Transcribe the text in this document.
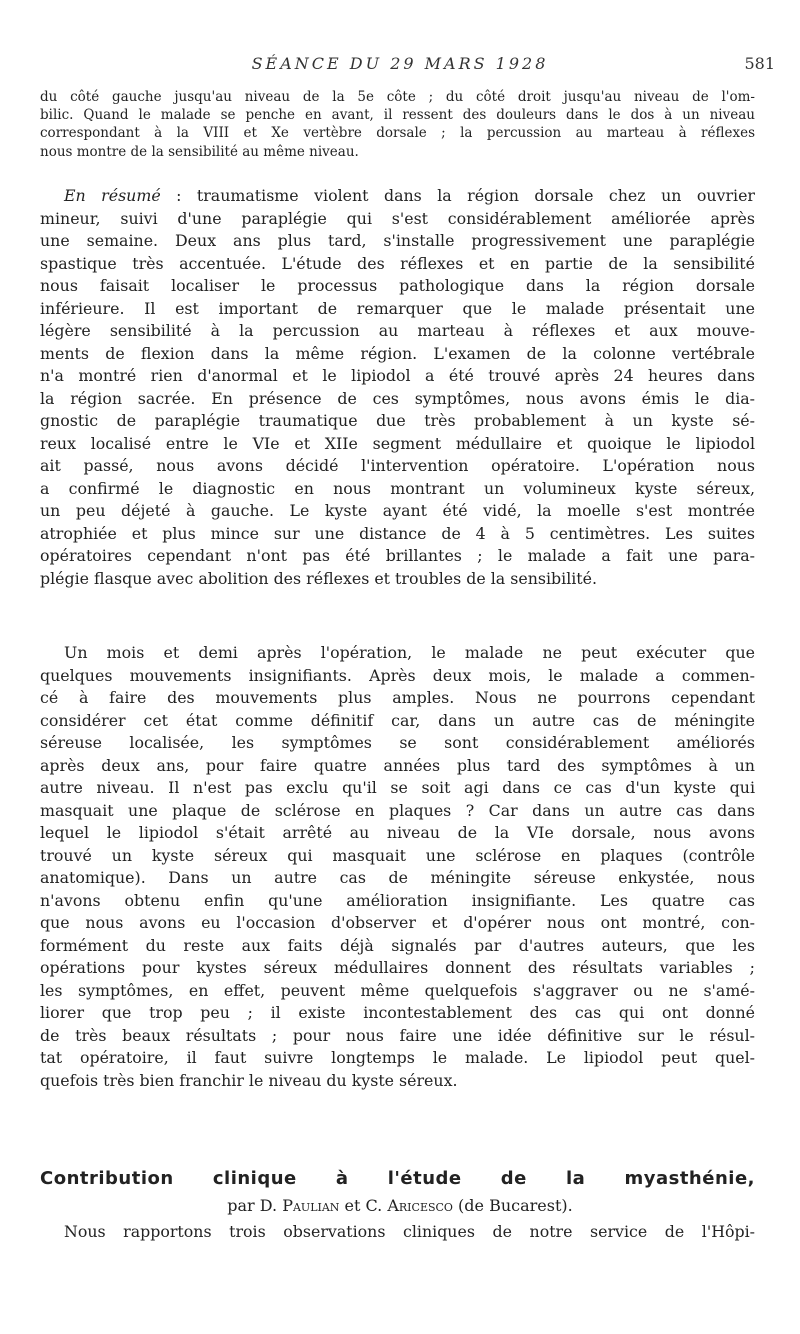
SÉANCE DU 29 MARS 1928	581
du côté gauche jusqu'au niveau de la 5e côte ; du côté droit jusqu'au niveau de l'om-
bilic. Quand le malade se penche en avant, il ressent des douleurs dans le dos à un niveau
correspondant à la VIII et Xe vertèbre dorsale ; la percussion au marteau à réflexes
nous montre de la sensibilité au même niveau.
En résumé : traumatisme violent dans la région dorsale chez un ouvrier
mineur, suivi d'une paraplégie qui s'est considérablement améliorée après
une semaine. Deux ans plus tard, s'installe progressivement une paraplégie
spastique très accentuée. L'étude des réflexes et en partie de la sensibilité
nous faisait localiser le processus pathologique dans la région dorsale
inférieure. Il est important de remarquer que le malade présentait une
légère sensibilité à la percussion au marteau à réflexes et aux mouve-
ments de flexion dans la même région. L'examen de la colonne vertébrale
n'a montré rien d'anormal et le lipiodol a été trouvé après 24 heures dans
la région sacrée. En présence de ces symptômes, nous avons émis le dia-
gnostic de paraplégie traumatique due très probablement à un kyste sé-
reux localisé entre le VIe et XIIe segment médullaire et quoique le lipiodol
ait passé, nous avons décidé l'intervention opératoire. L'opération nous
a confirmé le diagnostic en nous montrant un volumineux kyste séreux,
un peu déjeté à gauche. Le kyste ayant été vidé, la moelle s'est montrée
atrophiée et plus mince sur une distance de 4 à 5 centimètres. Les suites
opératoires cependant n'ont pas été brillantes ; le malade a fait une para-
plégie flasque avec abolition des réflexes et troubles de la sensibilité.
Un mois et demi après l'opération, le malade ne peut exécuter que
quelques mouvements insignifiants. Après deux mois, le malade a commen-
cé à faire des mouvements plus amples. Nous ne pourrons cependant
considérer cet état comme définitif car, dans un autre cas de méningite
séreuse localisée, les symptômes se sont considérablement améliorés
après deux ans, pour faire quatre années plus tard des symptômes à un
autre niveau. Il n'est pas exclu qu'il se soit agi dans ce cas d'un kyste qui
masquait une plaque de sclérose en plaques ? Car dans un autre cas dans
lequel le lipiodol s'était arrêté au niveau de la VIe dorsale, nous avons
trouvé un kyste séreux qui masquait une sclérose en plaques (contrôle
anatomique). Dans un autre cas de méningite séreuse enkystée, nous
n'avons obtenu enfin qu'une amélioration insignifiante. Les quatre cas
que nous avons eu l'occasion d'observer et d'opérer nous ont montré, con-
formément du reste aux faits déjà signalés par d'autres auteurs, que les
opérations pour kystes séreux médullaires donnent des résultats variables ;
les symptômes, en effet, peuvent même quelquefois s'aggraver ou ne s'amé-
liorer que trop peu ; il existe incontestablement des cas qui ont donné
de très beaux résultats ; pour nous faire une idée définitive sur le résul-
tat opératoire, il faut suivre longtemps le malade. Le lipiodol peut quel-
quefois très bien franchir le niveau du kyste séreux.
Contribution clinique à l'étude de la myasthénie,
par D. Paulian et C. Aricesco (de Bucarest).
Nous rapportons trois observations cliniques de notre service de l'Hôpi-
